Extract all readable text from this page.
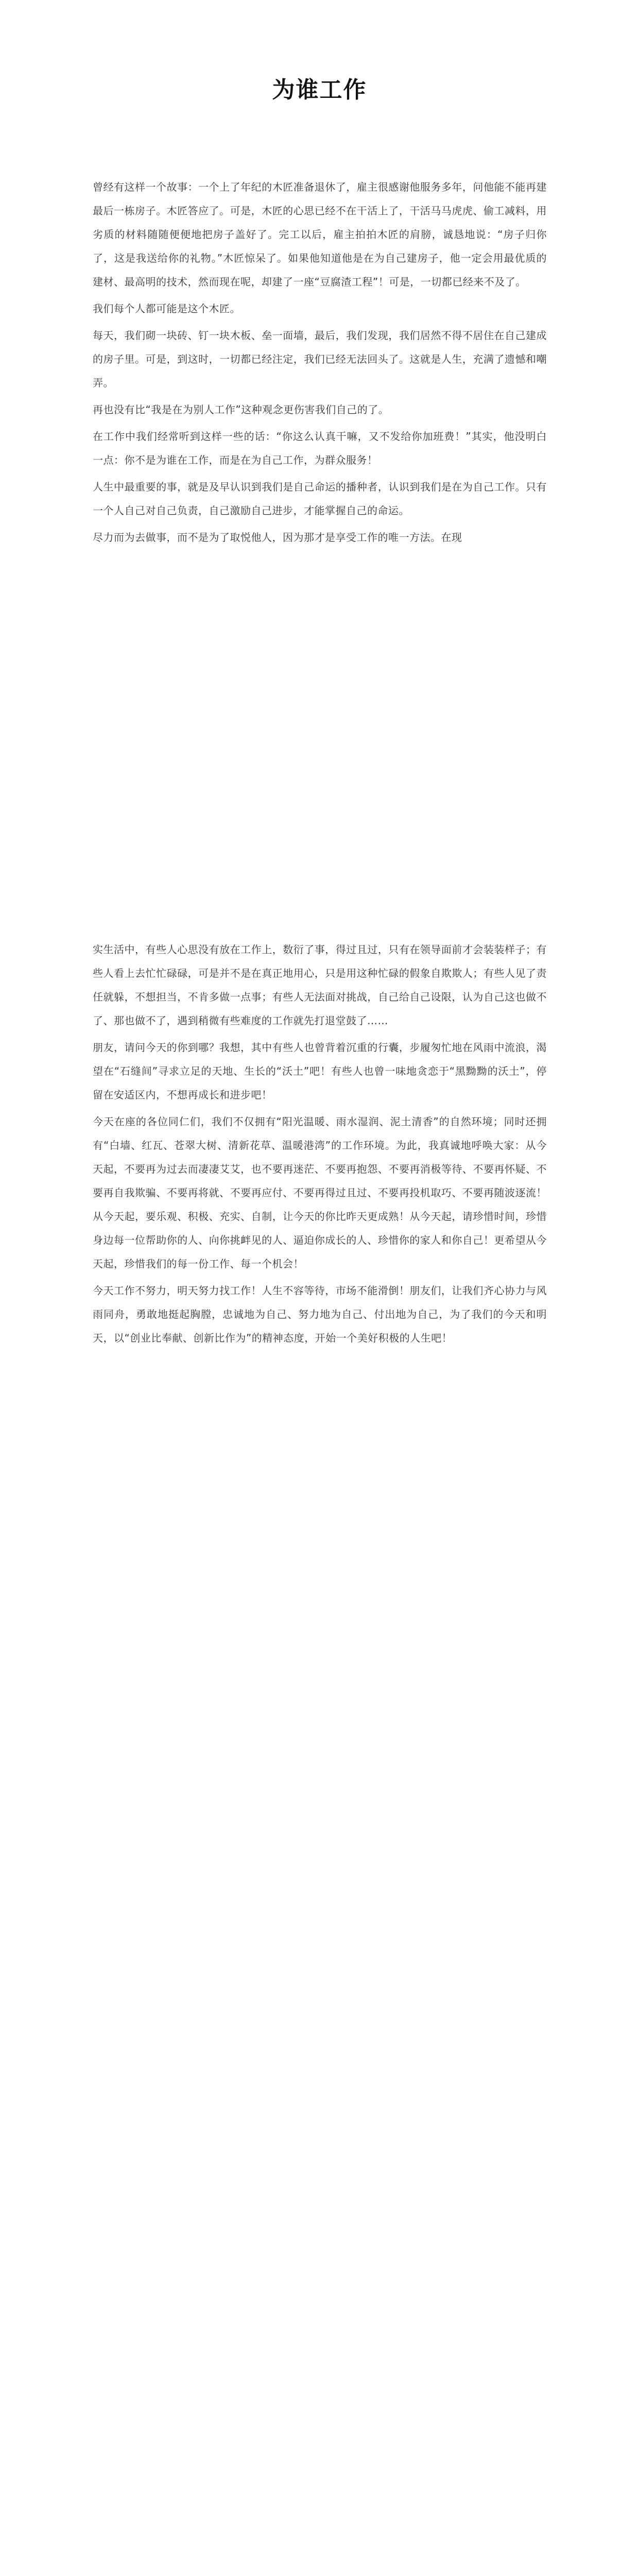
为谁工作

曾经有这样一个故事：一个上了年纪的木匠准备退休了，雇主很感谢他服务多年，问他能不能再建最后一栋房子。木匠答应了。可是，木匠的心思已经不在干活上了，干活马马虎虎、偷工减料，用劣质的材料随随便便地把房子盖好了。完工以后，雇主拍拍木匠的肩膀，诚恳地说：“房子归你了，这是我送给你的礼物。”木匠惊呆了。如果他知道他是在为自己建房子，他一定会用最优质的建材、最高明的技术，然而现在呢，却建了一座“豆腐渣工程”！可是，一切都已经来不及了。

我们每个人都可能是这个木匠。

每天，我们砌一块砖、钉一块木板、垒一面墙，最后，我们发现，我们居然不得不居住在自己建成的房子里。可是，到这时，一切都已经注定，我们已经无法回头了。这就是人生，充满了遗憾和嘲弄。

再也没有比“我是在为别人工作”这种观念更伤害我们自己的了。

在工作中我们经常听到这样一些的话：“你这么认真干嘛，又不发给你加班费！”其实，他没明白一点：你不是为谁在工作，而是在为自己工作，为群众服务！

人生中最重要的事，就是及早认识到我们是自己命运的播种者，认识到我们是在为自己工作。只有一个人自己对自己负责，自己激励自己进步，才能掌握自己的命运。

尽力而为去做事，而不是为了取悦他人，因为那才是享受工作的唯一方法。在现

实生活中，有些人心思没有放在工作上，数衍了事，得过且过，只有在领导面前才会装装样子；有些人看上去忙忙碌碌，可是并不是在真正地用心，只是用这种忙碌的假象自欺欺人；有些人见了责任就躲，不想担当，不肯多做一点事；有些人无法面对挑战，自己给自己设限，认为自己这也做不了、那也做不了，遇到稍微有些难度的工作就先打退堂鼓了……

朋友，请问今天的你到哪？我想，其中有些人也曾背着沉重的行囊，步履匆忙地在风雨中流浪，渴望在“石缝间”寻求立足的天地、生长的“沃土”吧！有些人也曾一味地贪恋于“黑黝黝的沃土”，停留在安适区内，不想再成长和进步吧！

今天在座的各位同仁们，我们不仅拥有“阳光温暖、雨水湿润、泥土清香”的自然环境；同时还拥有“白墙、红瓦、苍翠大树、清新花草、温暖港湾”的工作环境。为此，我真诚地呼唤大家：从今天起，不要再为过去而凄凄艾艾，也不要再迷茫、不要再抱怨、不要再消极等待、不要再怀疑、不要再自我欺骗、不要再将就、不要再应付、不要再得过且过、不要再投机取巧、不要再随波逐流！从今天起，要乐观、积极、充实、自制，让今天的你比昨天更成熟！从今天起，请珍惜时间，珍惜身边每一位帮助你的人、向你挑衅见的人、逼迫你成长的人、珍惜你的家人和你自己！更希望从今天起，珍惜我们的每一份工作、每一个机会！

今天工作不努力，明天努力找工作！人生不容等待，市场不能滑倒！朋友们，让我们齐心协力与风雨同舟，勇敢地挺起胸膛，忠诚地为自己、努力地为自己、付出地为自己，为了我们的今天和明天，以“创业比奉献、创新比作为”的精神态度，开始一个美好积极的人生吧！
